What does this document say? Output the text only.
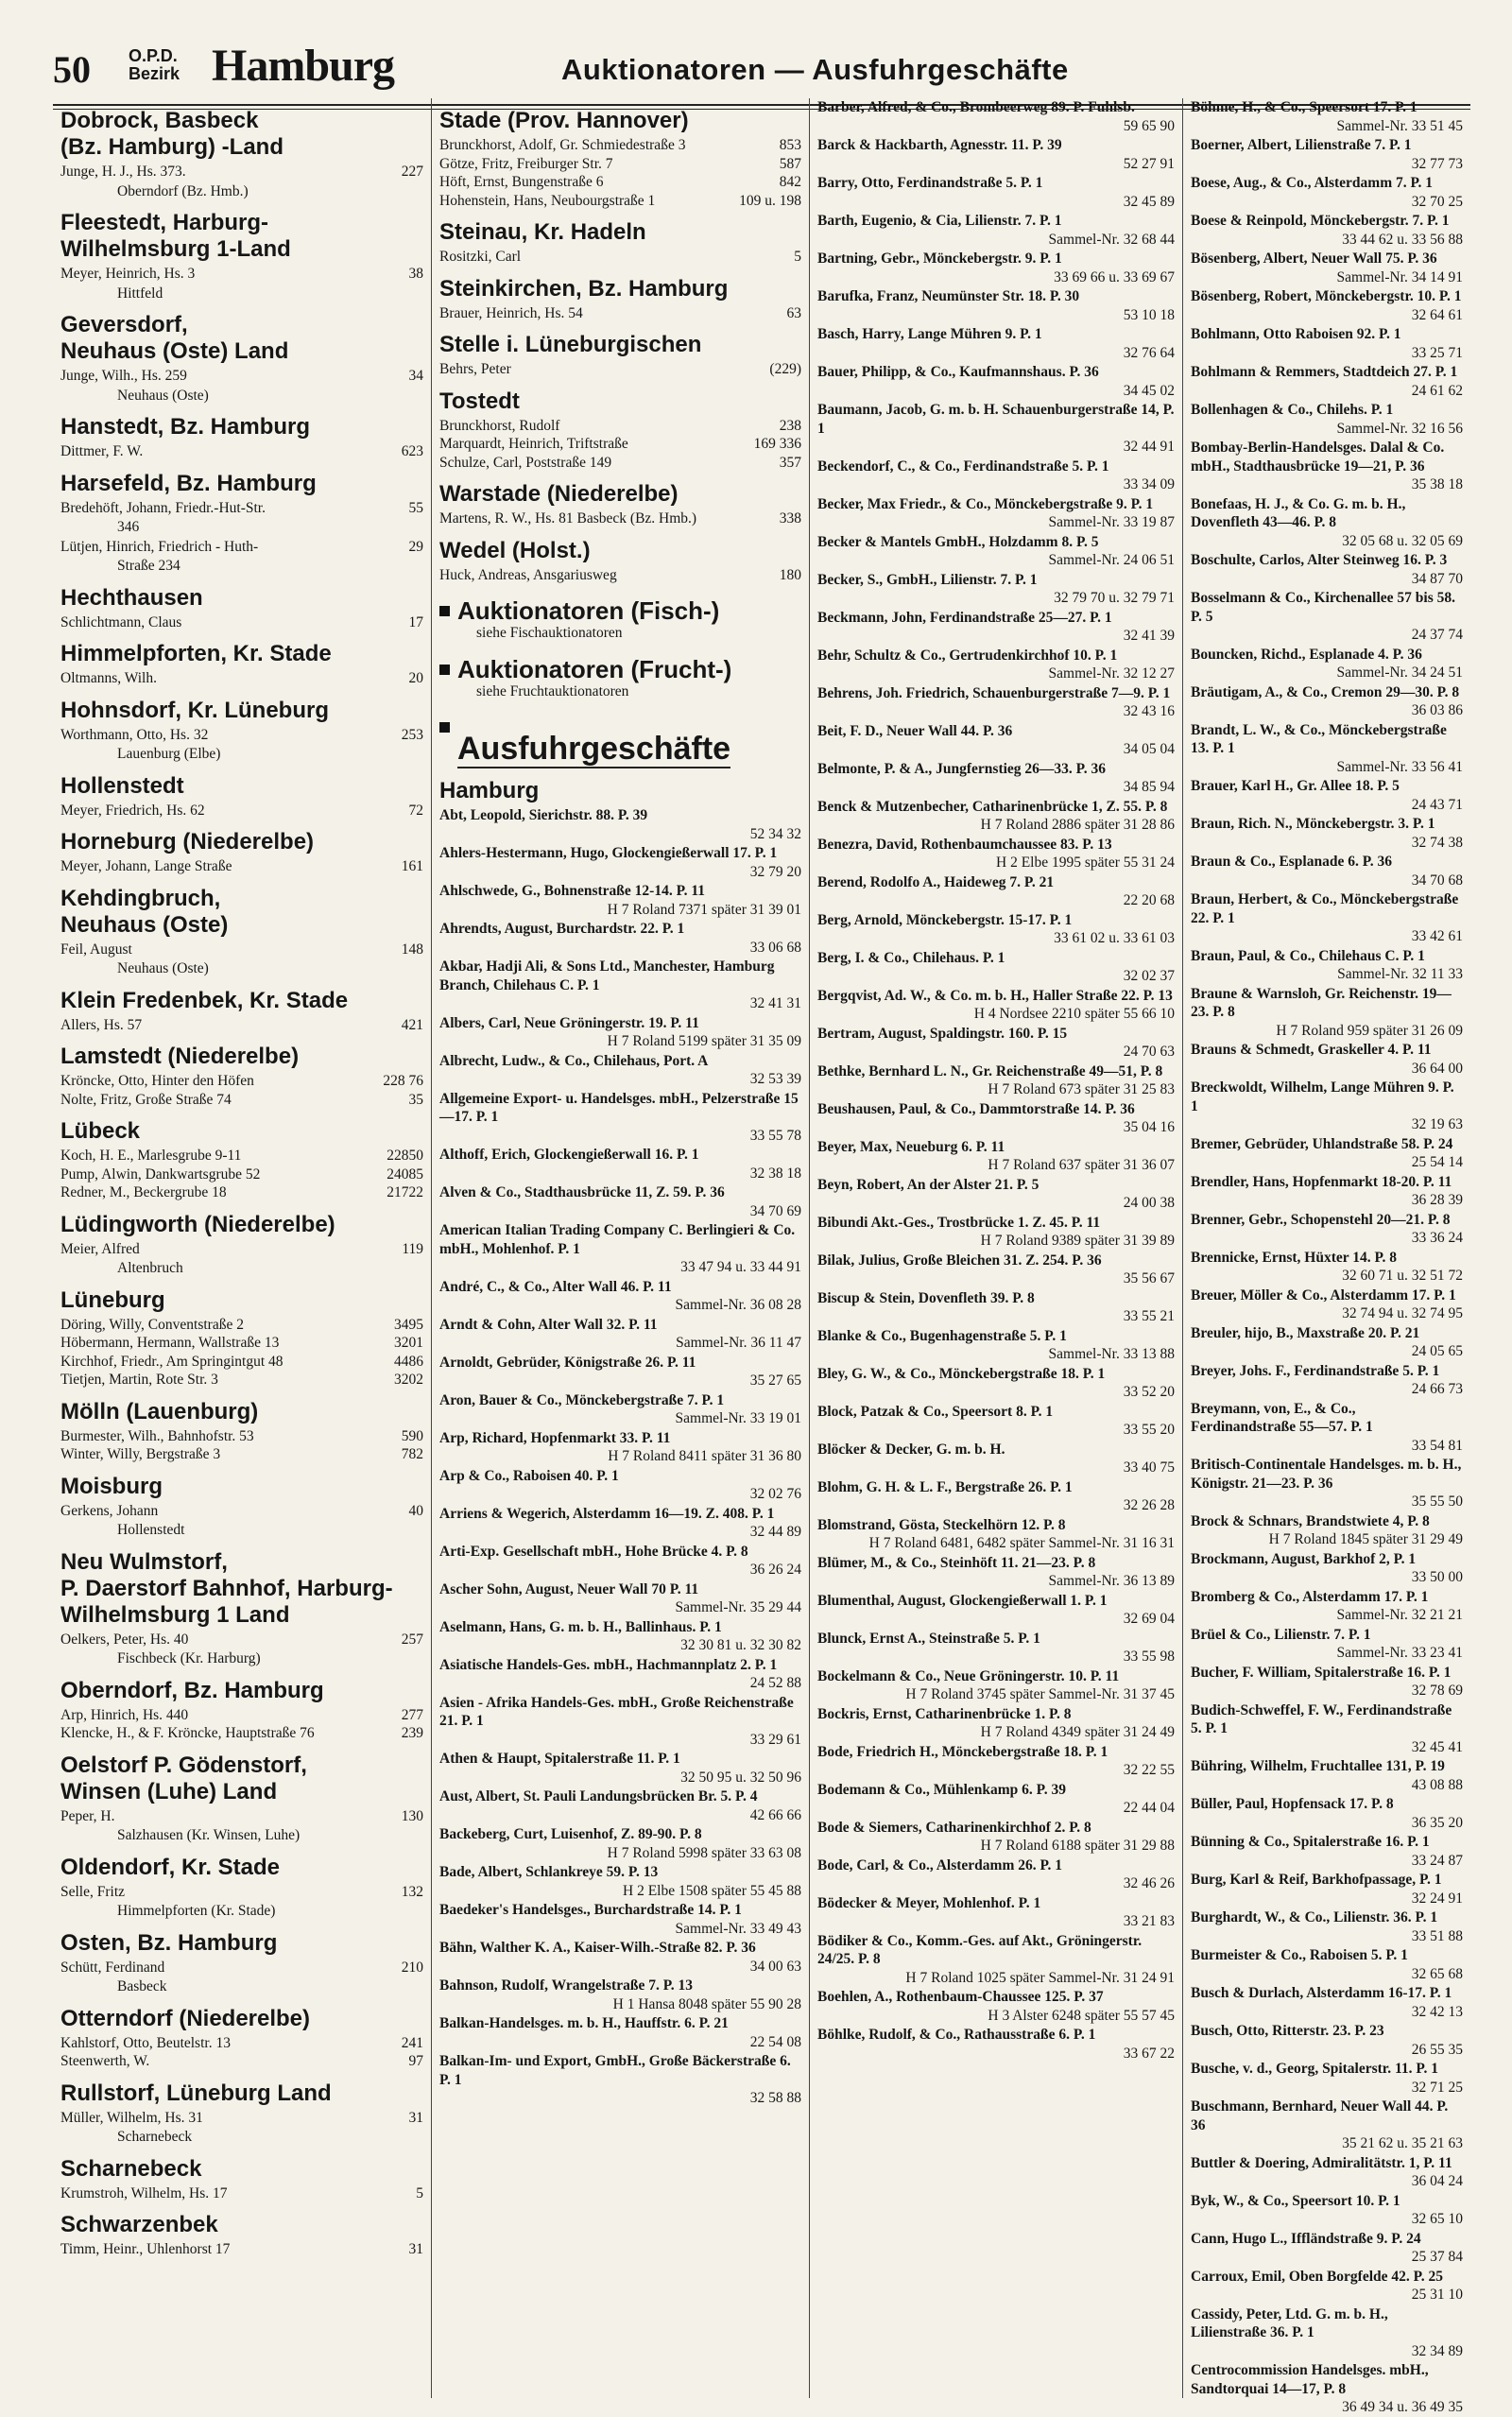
50 O.P.D.
Bezirk Hamburg	Auktionatoren — Ausfuhrgeschäfte
Dobrock, Basbeck
(Bz. Hamburg) -Land
Junge, H. J., Hs. 373.	227
Oberndorf (Bz. Hmb.)
Fleestedt, Harburg-
Wilhelmsburg 1-Land
Meyer, Heinrich, Hs. 3	38
Hittfeld
Geversdorf,
Neuhaus (Oste) Land
Junge, Wilh., Hs. 259	34
Neuhaus (Oste)
Hanstedt, Bz. Hamburg
Dittmer, F. W.	623
Harsefeld, Bz. Hamburg
Bredehöft, Johann, Friedr.-Hut-Str.	55
346
Lütjen, Hinrich, Friedrich - Huth-	29
Straße 234
Hechthausen
Schlichtmann, Claus	17
Himmelpforten, Kr. Stade
Oltmanns, Wilh.	20
Hohnsdorf, Kr. Lüneburg
Worthmann, Otto, Hs. 32	253
Lauenburg (Elbe)
Hollenstedt
Meyer, Friedrich, Hs. 62	72
Horneburg (Niederelbe)
Meyer, Johann, Lange Straße	161
Kehdingbruch,
Neuhaus (Oste)
Feil, August	148
Neuhaus (Oste)
Klein Fredenbek, Kr. Stade
Allers, Hs. 57	421
Lamstedt (Niederelbe)
Kröncke, Otto, Hinter den Höfen	228 76
Nolte, Fritz, Große Straße 74	35
Lübeck
Koch, H. E., Marlesgrube 9-11	22850
Pump, Alwin, Dankwartsgrube 52	24085
Redner, M., Beckergrube 18	21722
Lüdingworth (Niederelbe)
Meier, Alfred	119
Altenbruch
Lüneburg
Döring, Willy, Conventstraße 2	3495
Höbermann, Hermann, Wallstraße 13	3201
Kirchhof, Friedr., Am Springintgut 48	4486
Tietjen, Martin, Rote Str. 3	3202
Mölln (Lauenburg)
Burmester, Wilh., Bahnhofstr. 53	590
Winter, Willy, Bergstraße 3	782
Moisburg
Gerkens, Johann	40
Hollenstedt
Neu Wulmstorf,
P. Daerstorf Bahnhof, Harburg-Wilhelmsburg 1 Land
Oelkers, Peter, Hs. 40	257
Fischbeck (Kr. Harburg)
Oberndorf, Bz. Hamburg
Arp, Hinrich, Hs. 440	277
Klencke, H., & F. Kröncke, Hauptstraße 76	239
Oelstorf P. Gödenstorf,
Winsen (Luhe) Land
Peper, H.	130
Salzhausen (Kr. Winsen, Luhe)
Oldendorf, Kr. Stade
Selle, Fritz	132
Himmelpforten (Kr. Stade)
Osten, Bz. Hamburg
Schütt, Ferdinand	210
Basbeck
Otterndorf (Niederelbe)
Kahlstorf, Otto, Beutelstr. 13	241
Steenwerth, W.	97
Rullstorf, Lüneburg Land
Müller, Wilhelm, Hs. 31	31
Scharnebeck
Scharnebeck
Krumstroh, Wilhelm, Hs. 17	5
Schwarzenbek
Timm, Heinr., Uhlenhorst 17	31
Stade (Prov. Hannover)
Brunckhorst, Adolf, Gr. Schmiedestraße 3	853
Götze, Fritz, Freiburger Str. 7	587
Höft, Ernst, Bungenstraße 6	842
Hohenstein, Hans, Neubourgstraße 1	109 u. 198
Steinau, Kr. Hadeln
Rositzki, Carl	5
Steinkirchen, Bz. Hamburg
Brauer, Heinrich, Hs. 54	63
Stelle i. Lüneburgischen
Behrs, Peter	(229)
Tostedt
Brunckhorst, Rudolf	238
Marquardt, Heinrich, Triftstraße	169 336
Schulze, Carl, Poststraße 149	357
Warstade (Niederelbe)
Martens, R. W., Hs. 81 Basbeck (Bz. Hmb.)	338
Wedel (Holst.)
Huck, Andreas, Ansgariusweg	180
Auktionatoren (Fisch-)
siehe Fischauktionatoren
Auktionatoren (Frucht-)
siehe Fruchtauktionatoren
Ausfuhrgeschäfte
Hamburg
Abt, Leopold, Sierichstr. 88. P. 39
52 34 32
Ahlers-Hestermann, Hugo, Glockengießerwall 17. P. 1
32 79 20
Ahlschwede, G., Bohnenstraße 12-14. P. 11
H 7 Roland 7371 später 31 39 01
Ahrendts, August, Burchardstr. 22. P. 1
33 06 68
Akbar, Hadji Ali, & Sons Ltd., Manchester, Hamburg Branch, Chilehaus C. P. 1
32 41 31
Albers, Carl, Neue Gröningerstr. 19. P. 11
H 7 Roland 5199 später 31 35 09
Albrecht, Ludw., & Co., Chilehaus, Port. A
32 53 39
Allgemeine Export- u. Handelsges. mbH., Pelzerstraße 15—17. P. 1
33 55 78
Althoff, Erich, Glockengießerwall 16. P. 1
32 38 18
Alven & Co., Stadthausbrücke 11, Z. 59. P. 36
34 70 69
American Italian Trading Company C. Berlingieri & Co. mbH., Mohlenhof. P. 1
33 47 94 u. 33 44 91
André, C., & Co., Alter Wall 46. P. 11
Sammel-Nr. 36 08 28
Arndt & Cohn, Alter Wall 32. P. 11
Sammel-Nr. 36 11 47
Arnoldt, Gebrüder, Königstraße 26. P. 11
35 27 65
Aron, Bauer & Co., Mönckebergstraße 7. P. 1
Sammel-Nr. 33 19 01
Arp, Richard, Hopfenmarkt 33. P. 11
H 7 Roland 8411 später 31 36 80
Arp & Co., Raboisen 40. P. 1
32 02 76
Arriens & Wegerich, Alsterdamm 16—19. Z. 408. P. 1
32 44 89
Arti-Exp. Gesellschaft mbH., Hohe Brücke 4. P. 8
36 26 24
Ascher Sohn, August, Neuer Wall 70 P. 11
Sammel-Nr. 35 29 44
Aselmann, Hans, G. m. b. H., Ballinhaus. P. 1
32 30 81 u. 32 30 82
Asiatische Handels-Ges. mbH., Hachmannplatz 2. P. 1
24 52 88
Asien - Afrika Handels-Ges. mbH., Große Reichenstraße 21. P. 1
33 29 61
Athen & Haupt, Spitalerstraße 11. P. 1
32 50 95 u. 32 50 96
Aust, Albert, St. Pauli Landungsbrücken Br. 5. P. 4
42 66 66
Backeberg, Curt, Luisenhof, Z. 89-90. P. 8
H 7 Roland 5998 später 33 63 08
Bade, Albert, Schlankreye 59. P. 13
H 2 Elbe 1508 später 55 45 88
Baedeker's Handelsges., Burchardstraße 14. P. 1
Sammel-Nr. 33 49 43
Bähn, Walther K. A., Kaiser-Wilh.-Straße 82. P. 36
34 00 63
Bahnson, Rudolf, Wrangelstraße 7. P. 13
H 1 Hansa 8048 später 55 90 28
Balkan-Handelsges. m. b. H., Hauffstr. 6. P. 21
22 54 08
Balkan-Im- und Export, GmbH., Große Bäckerstraße 6. P. 1
32 58 88
Barber, Alfred, & Co., Brombeerweg 89. P. Fuhlsb.
59 65 90
Barck & Hackbarth, Agnesstr. 11. P. 39
52 27 91
Barry, Otto, Ferdinandstraße 5. P. 1
32 45 89
Barth, Eugenio, & Cia, Lilienstr. 7. P. 1
Sammel-Nr. 32 68 44
Bartning, Gebr., Mönckebergstr. 9. P. 1
33 69 66 u. 33 69 67
Barufka, Franz, Neumünster Str. 18. P. 30
53 10 18
Basch, Harry, Lange Mühren 9. P. 1
32 76 64
Bauer, Philipp, & Co., Kaufmannshaus. P. 36
34 45 02
Baumann, Jacob, G. m. b. H. Schauenburgerstraße 14, P. 1
32 44 91
Beckendorf, C., & Co., Ferdinandstraße 5. P. 1
33 34 09
Becker, Max Friedr., & Co., Mönckebergstraße 9. P. 1
Sammel-Nr. 33 19 87
Becker & Mantels GmbH., Holzdamm 8. P. 5
Sammel-Nr. 24 06 51
Becker, S., GmbH., Lilienstr. 7. P. 1
32 79 70 u. 32 79 71
Beckmann, John, Ferdinandstraße 25—27. P. 1
32 41 39
Behr, Schultz & Co., Gertrudenkirchhof 10. P. 1
Sammel-Nr. 32 12 27
Behrens, Joh. Friedrich, Schauenburgerstraße 7—9. P. 1
32 43 16
Beit, F. D., Neuer Wall 44. P. 36
34 05 04
Belmonte, P. & A., Jungfernstieg 26—33. P. 36
34 85 94
Benck & Mutzenbecher, Catharinenbrücke 1, Z. 55. P. 8
H 7 Roland 2886 später 31 28 86
Benezra, David, Rothenbaumchaussee 83. P. 13
H 2 Elbe 1995 später 55 31 24
Berend, Rodolfo A., Haideweg 7. P. 21
22 20 68
Berg, Arnold, Mönckebergstr. 15-17. P. 1
33 61 02 u. 33 61 03
Berg, I. & Co., Chilehaus. P. 1
32 02 37
Bergqvist, Ad. W., & Co. m. b. H., Haller Straße 22. P. 13
H 4 Nordsee 2210 später 55 66 10
Bertram, August, Spaldingstr. 160. P. 15
24 70 63
Bethke, Bernhard L. N., Gr. Reichenstraße 49—51, P. 8
H 7 Roland 673 später 31 25 83
Beushausen, Paul, & Co., Dammtorstraße 14. P. 36
35 04 16
Beyer, Max, Neueburg 6. P. 11
H 7 Roland 637 später 31 36 07
Beyn, Robert, An der Alster 21. P. 5
24 00 38
Bibundi Akt.-Ges., Trostbrücke 1. Z. 45. P. 11
H 7 Roland 9389 später 31 39 89
Bilak, Julius, Große Bleichen 31. Z. 254. P. 36
35 56 67
Biscup & Stein, Dovenfleth 39. P. 8
33 55 21
Blanke & Co., Bugenhagenstraße 5. P. 1
Sammel-Nr. 33 13 88
Bley, G. W., & Co., Mönckebergstraße 18. P. 1
33 52 20
Block, Patzak & Co., Speersort 8. P. 1
33 55 20
Blöcker & Decker, G. m. b. H.
33 40 75
Blohm, G. H. & L. F., Bergstraße 26. P. 1
32 26 28
Blomstrand, Gösta, Steckelhörn 12. P. 8
H 7 Roland 6481, 6482 später Sammel-Nr. 31 16 31
Blümer, M., & Co., Steinhöft 11. 21—23. P. 8
Sammel-Nr. 36 13 89
Blumenthal, August, Glockengießerwall 1. P. 1
32 69 04
Blunck, Ernst A., Steinstraße 5. P. 1
33 55 98
Bockelmann & Co., Neue Gröningerstr. 10. P. 11
H 7 Roland 3745 später Sammel-Nr. 31 37 45
Bockris, Ernst, Catharinenbrücke 1. P. 8
H 7 Roland 4349 später 31 24 49
Bode, Friedrich H., Mönckebergstraße 18. P. 1
32 22 55
Bodemann & Co., Mühlenkamp 6. P. 39
22 44 04
Bode & Siemers, Catharinenkirchhof 2. P. 8
H 7 Roland 6188 später 31 29 88
Bode, Carl, & Co., Alsterdamm 26. P. 1
32 46 26
Bödecker & Meyer, Mohlenhof. P. 1
33 21 83
Bödiker & Co., Komm.-Ges. auf Akt., Gröningerstr. 24/25. P. 8
H 7 Roland 1025 später Sammel-Nr. 31 24 91
Boehlen, A., Rothenbaum-Chaussee 125. P. 37
H 3 Alster 6248 später 55 57 45
Böhlke, Rudolf, & Co., Rathausstraße 6. P. 1
33 67 22
Böhme, H., & Co., Speersort 17. P. 1
Sammel-Nr. 33 51 45
Boerner, Albert, Lilienstraße 7. P. 1
32 77 73
Boese, Aug., & Co., Alsterdamm 7. P. 1
32 70 25
Boese & Reinpold, Mönckebergstr. 7. P. 1
33 44 62 u. 33 56 88
Bösenberg, Albert, Neuer Wall 75. P. 36
Sammel-Nr. 34 14 91
Bösenberg, Robert, Mönckebergstr. 10. P. 1
32 64 61
Bohlmann, Otto Raboisen 92. P. 1
33 25 71
Bohlmann & Remmers, Stadtdeich 27. P. 1
24 61 62
Bollenhagen & Co., Chilehs. P. 1
Sammel-Nr. 32 16 56
Bombay-Berlin-Handelsges. Dalal & Co. mbH., Stadthausbrücke 19—21, P. 36
35 38 18
Bonefaas, H. J., & Co. G. m. b. H., Dovenfleth 43—46. P. 8
32 05 68 u. 32 05 69
Boschulte, Carlos, Alter Steinweg 16. P. 3
34 87 70
Bosselmann & Co., Kirchenallee 57 bis 58. P. 5
24 37 74
Bouncken, Richd., Esplanade 4. P. 36
Sammel-Nr. 34 24 51
Bräutigam, A., & Co., Cremon 29—30. P. 8
36 03 86
Brandt, L. W., & Co., Mönckebergstraße 13. P. 1
Sammel-Nr. 33 56 41
Brauer, Karl H., Gr. Allee 18. P. 5
24 43 71
Braun, Rich. N., Mönckebergstr. 3. P. 1
32 74 38
Braun & Co., Esplanade 6. P. 36
34 70 68
Braun, Herbert, & Co., Mönckebergstraße 22. P. 1
33 42 61
Braun, Paul, & Co., Chilehaus C. P. 1
Sammel-Nr. 32 11 33
Braune & Warnsloh, Gr. Reichenstr. 19—23. P. 8
H 7 Roland 959 später 31 26 09
Brauns & Schmedt, Graskeller 4. P. 11
36 64 00
Breckwoldt, Wilhelm, Lange Mühren 9. P. 1
32 19 63
Bremer, Gebrüder, Uhlandstraße 58. P. 24
25 54 14
Brendler, Hans, Hopfenmarkt 18-20. P. 11
36 28 39
Brenner, Gebr., Schopenstehl 20—21. P. 8
33 36 24
Brennicke, Ernst, Hüxter 14. P. 8
32 60 71 u. 32 51 72
Breuer, Möller & Co., Alsterdamm 17. P. 1
32 74 94 u. 32 74 95
Breuler, hijo, B., Maxstraße 20. P. 21
24 05 65
Breyer, Johs. F., Ferdinandstraße 5. P. 1
24 66 73
Breymann, von, E., & Co., Ferdinandstraße 55—57. P. 1
33 54 81
Britisch-Continentale Handelsges. m. b. H., Königstr. 21—23. P. 36
35 55 50
Brock & Schnars, Brandstwiete 4, P. 8
H 7 Roland 1845 später 31 29 49
Brockmann, August, Barkhof 2, P. 1
33 50 00
Bromberg & Co., Alsterdamm 17. P. 1
Sammel-Nr. 32 21 21
Brüel & Co., Lilienstr. 7. P. 1
Sammel-Nr. 33 23 41
Bucher, F. William, Spitalerstraße 16. P. 1
32 78 69
Budich-Schweffel, F. W., Ferdinandstraße 5. P. 1
32 45 41
Bühring, Wilhelm, Fruchtallee 131, P. 19
43 08 88
Büller, Paul, Hopfensack 17. P. 8
36 35 20
Bünning & Co., Spitalerstraße 16. P. 1
33 24 87
Burg, Karl & Reif, Barkhofpassage, P. 1
32 24 91
Burghardt, W., & Co., Lilienstr. 36. P. 1
33 51 88
Burmeister & Co., Raboisen 5. P. 1
32 65 68
Busch & Durlach, Alsterdamm 16-17. P. 1
32 42 13
Busch, Otto, Ritterstr. 23. P. 23
26 55 35
Busche, v. d., Georg, Spitalerstr. 11. P. 1
32 71 25
Buschmann, Bernhard, Neuer Wall 44. P. 36
35 21 62 u. 35 21 63
Buttler & Doering, Admiralitätstr. 1, P. 11
36 04 24
Byk, W., & Co., Speersort 10. P. 1
32 65 10
Cann, Hugo L., Iffländstraße 9. P. 24
25 37 84
Carroux, Emil, Oben Borgfelde 42. P. 25
25 31 10
Cassidy, Peter, Ltd. G. m. b. H., Lilienstraße 36. P. 1
32 34 89
Centrocommission Handelsges. mbH., Sandtorquai 14—17, P. 8
36 49 34 u. 36 49 35
